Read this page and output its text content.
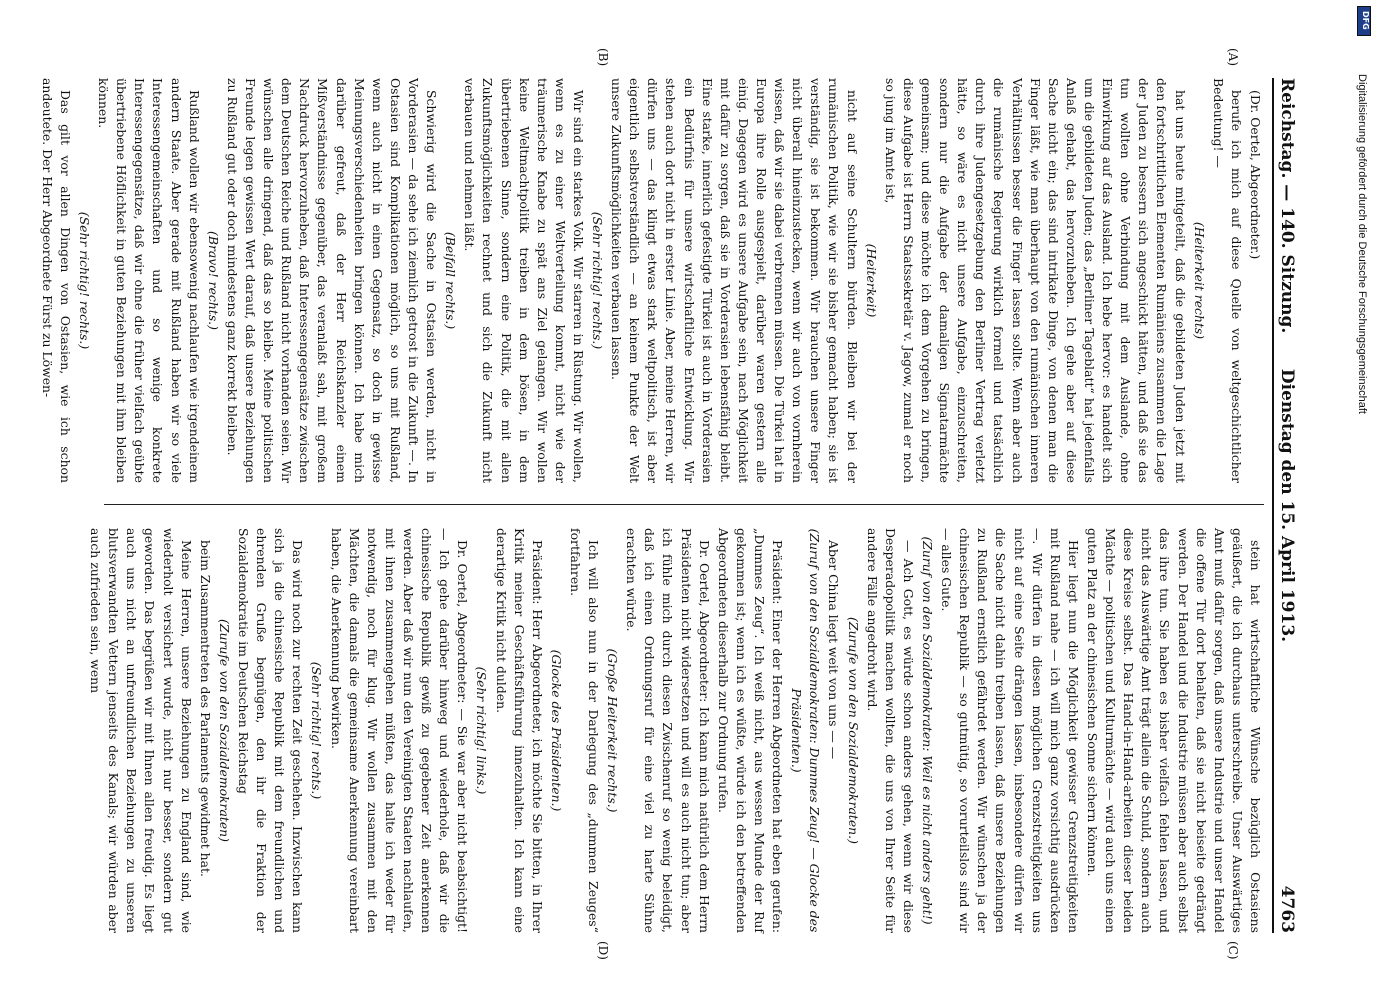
Reichstag. — 140. Sitzung.
Dienstag den 15. April 1913.
4763
(A)
(B)
(C)
(D)

(Dr. Oertel, Abgeordneter.)

berufe ich mich auf diese Quelle von weltgeschichtlicher Bedeutung! —

(Heiterkeit rechts)

hat uns heute mitgeteilt, daß die gebildeten Juden jetzt mit den fortschrittlichen Elementen Rumäniens zusammen die Lage der Juden zu bessern sich angeschickt hätten, und daß sie das tun wollten ohne Verbindung mit dem Auslande, ohne Einwirkung auf das Ausland. Ich hebe hervor: es handelt sich um die gebildeten Juden; das „Berliner Tageblatt“ hat jedenfalls Anlaß gehabt, das hervorzuheben. Ich gehe aber auf diese Sache nicht ein; das sind intrikate Dinge, von denen man die Finger läßt, wie man überhaupt von den rumänischen inneren Verhältnissen besser die Finger lassen sollte. Wenn aber auch die rumänische Regierung wirklich formell und tatsächlich durch ihre Judengesetzgebung den Berliner Vertrag verletzt hätte, so wäre es nicht unsere Aufgabe, einzuschreiten, sondern nur die Aufgabe der damaligen Signatarmächte gemeinsam; und diese möchte ich dem Vorgehen zu bringen, diese Aufgabe ist Herrn Staatssekretär v. Jagow, zumal er noch so jung im Amte ist,

(Heiterkeit)

nicht auf seine Schultern bürden. Bleiben wir bei der rumänischen Politik, wie wir sie bisher gemacht haben; sie ist verständig, sie ist bekommen. Wir brauchen unsere Finger nicht überall hineinzustecken, wenn wir auch von vornherein wissen, daß wir sie dabei verbrennen müssen. Die Türkei hat in Europa ihre Rolle ausgespielt, darüber waren gestern alle einig. Dagegen wird es unsere Aufgabe sein, nach Möglichkeit mit dafür zu sorgen, daß sie in Vorderasien lebensfähig bleibt. Eine starke, innerlich gefestigte Türkei ist auch in Vorderasien ein Bedürfnis für unsere wirtschaftliche Entwicklung. Wir stehen auch dort nicht in erster Linie. Aber, meine Herren, wir dürfen uns — das klingt etwas stark weltpolitisch, ist aber eigentlich selbstverständlich — an keinem Punkte der Welt unsere Zukunftsmöglichkeiten verbauen lassen.

(Sehr richtig! rechts.)

Wir sind ein starkes Volk. Wir starren in Rüstung. Wir wollen, wenn es zu einer Weltverteilung kommt, nicht wie der träumerische Knabe zu spät ans Ziel gelangen. Wir wollen keine Weltmachtpolitik treiben in dem bösen, in dem übertriebenen Sinne, sondern eine Politik, die mit allen Zukunftsmöglichkeiten rechnet und sich die Zukunft nicht verbauen und nehmen läßt.

(Beifall rechts.)

Schwierig wird die Sache in Ostasien werden, nicht in Vorderasien — da sehe ich ziemlich getrost in die Zukunft —. In Ostasien sind Komplikationen möglich, so uns mit Rußland, wenn auch nicht in einen Gegensatz, so doch in gewisse Meinungsverschiedenheiten bringen können. Ich habe mich darüber gefreut, daß der Herr Reichskanzler einem Mißverständnisse gegenüber, das veranlaßt sah, mit großem Nachdruck hervorzuheben, daß Interessengegensätze zwischen dem Deutschen Reiche und Rußland nicht vorhanden seien. Wir wünschen alle dringend, daß das so bleibe. Meine politischen Freunde legen gewissen Wert darauf, daß unsere Beziehungen zu Rußland gut oder doch mindestens ganz korrekt bleiben.

(Bravo! rechts.)

Rußland wollen wir ebensowenig nachlaufen wie irgendeinem andern Staate. Aber gerade mit Rußland haben wir so viele Interessengemeinschaften und so wenige konkrete Interessengegensätze, daß wir ohne die früher vielfach geübte übertriebene Höflichkeit in guten Beziehungen mit ihm bleiben können.

(Sehr richtig! rechts.)

Das gilt vor allen Dingen von Ostasien, wie ich schon andeutete. Der Herr Abgeordnete Fürst zu Löwen-

stein hat wirtschaftliche Wünsche bezüglich Ostasiens geäußert, die ich durchaus unterschreibe. Unser Auswärtiges Amt muß dafür sorgen, daß unsere Industrie und unser Handel die offene Tür dort behalten, daß sie nicht beiseite gedrängt werden. Der Handel und die Industrie müssen aber auch selbst das ihre tun. Sie haben es bisher vielfach fehlen lassen, und nicht das Auswärtige Amt trägt allein die Schuld, sondern auch diese Kreise selbst. Das Hand-in-Hand-arbeiten dieser beiden Mächte — politischen und Kulturmächte — wird auch uns einen guten Platz an der chinesischen Sonne sichern können.

Hier liegt nun die Möglichkeit gewisser Grenzstreitigkeiten mit Rußland nahe — ich will mich ganz vorsichtig ausdrücken —. Wir dürfen in diesen möglichen Grenzstreitigkeiten uns nicht auf eine Seite drängen lassen, insbesondere dürfen wir die Sache nicht dahin treiben lassen, daß unsere Beziehungen zu Rußland ernstlich gefährdet werden. Wir wünschen ja der chinesischen Republik — so gutmütig, so vorurteilslos sind wir — alles Gute.

(Zuruf von den Sozialdemokraten: Weil es nicht anders geht!)

— Ach Gott, es würde schon anders gehen, wenn wir diese Desperadopolitik machen wollten, die uns von Ihrer Seite für andere Fälle angedroht wird.

(Zurufe von den Sozialdemokraten.)

Aber China liegt weit von uns — —

(Zuruf von den Sozialdemokraten: Dummes Zeug! — Glocke des Präsidenten.)

Präsident: Einer der Herren Abgeordneten hat eben gerufen: „Dummes Zeug“. Ich weiß nicht, aus wessen Munde der Ruf gekommen ist; wenn ich es wüßte, würde ich den betreffenden Abgeordneten dieserhalb zur Ordnung rufen.

Dr. Oertel, Abgeordneter: Ich kann mich natürlich dem Herrn Präsidenten nicht widersetzen und will es auch nicht tun; aber ich fühle mich durch diesen Zwischenruf so wenig beleidigt, daß ich einen Ordnungsruf für eine viel zu harte Sühne erachten würde.

(Große Heiterkeit rechts.)

Ich will also nun in der Darlegung des „dummen Zeuges“ fortfahren.

(Glocke des Präsidenten.)

Präsident: Herr Abgeordneter, ich möchte Sie bitten, in Ihrer Kritik meiner Geschäftsführung innezuhalten. Ich kann eine derartige Kritik nicht dulden.

(Sehr richtig! links.)

Dr. Oertel, Abgeordneter: — Sie war aber nicht beabsichtigt! — Ich gehe darüber hinweg und wiederhole, daß wir die chinesische Republik gewiß zu gegebener Zeit anerkennen werden. Aber daß wir nun den Vereinigten Staaten nachlaufen, mit ihnen zusammengehen müßten, das halte ich weder für notwendig, noch für klug. Wir wollen zusammen mit den Mächten, die damals die gemeinsame Anerkennung vereinbart haben, die Anerkennung bewirken.

(Sehr richtig! rechts.)

Das wird noch zur rechten Zeit geschehen. Inzwischen kann sich ja die chinesische Republik mit dem freundlichen und ehrenden Gruße begnügen, den ihr die Fraktion der Sozialdemokratie im Deutschen Reichstag

(Zurufe von den Sozialdemokraten)

beim Zusammentreten des Parlaments gewidmet hat.

Meine Herren, unsere Beziehungen zu England sind, wie wiederholt versichert wurde, nicht nur besser, sondern gut geworden. Das begrüßen wir mit Ihnen allen freudig. Es liegt auch uns nicht an unfreundlichen Beziehungen zu unseren blutsverwandten Vettern jenseits des Kanals; wir würden aber auch zufrieden sein, wenn

DFG
Digitalisierung gefördert durch die Deutsche Forschungsgemeinschaft
